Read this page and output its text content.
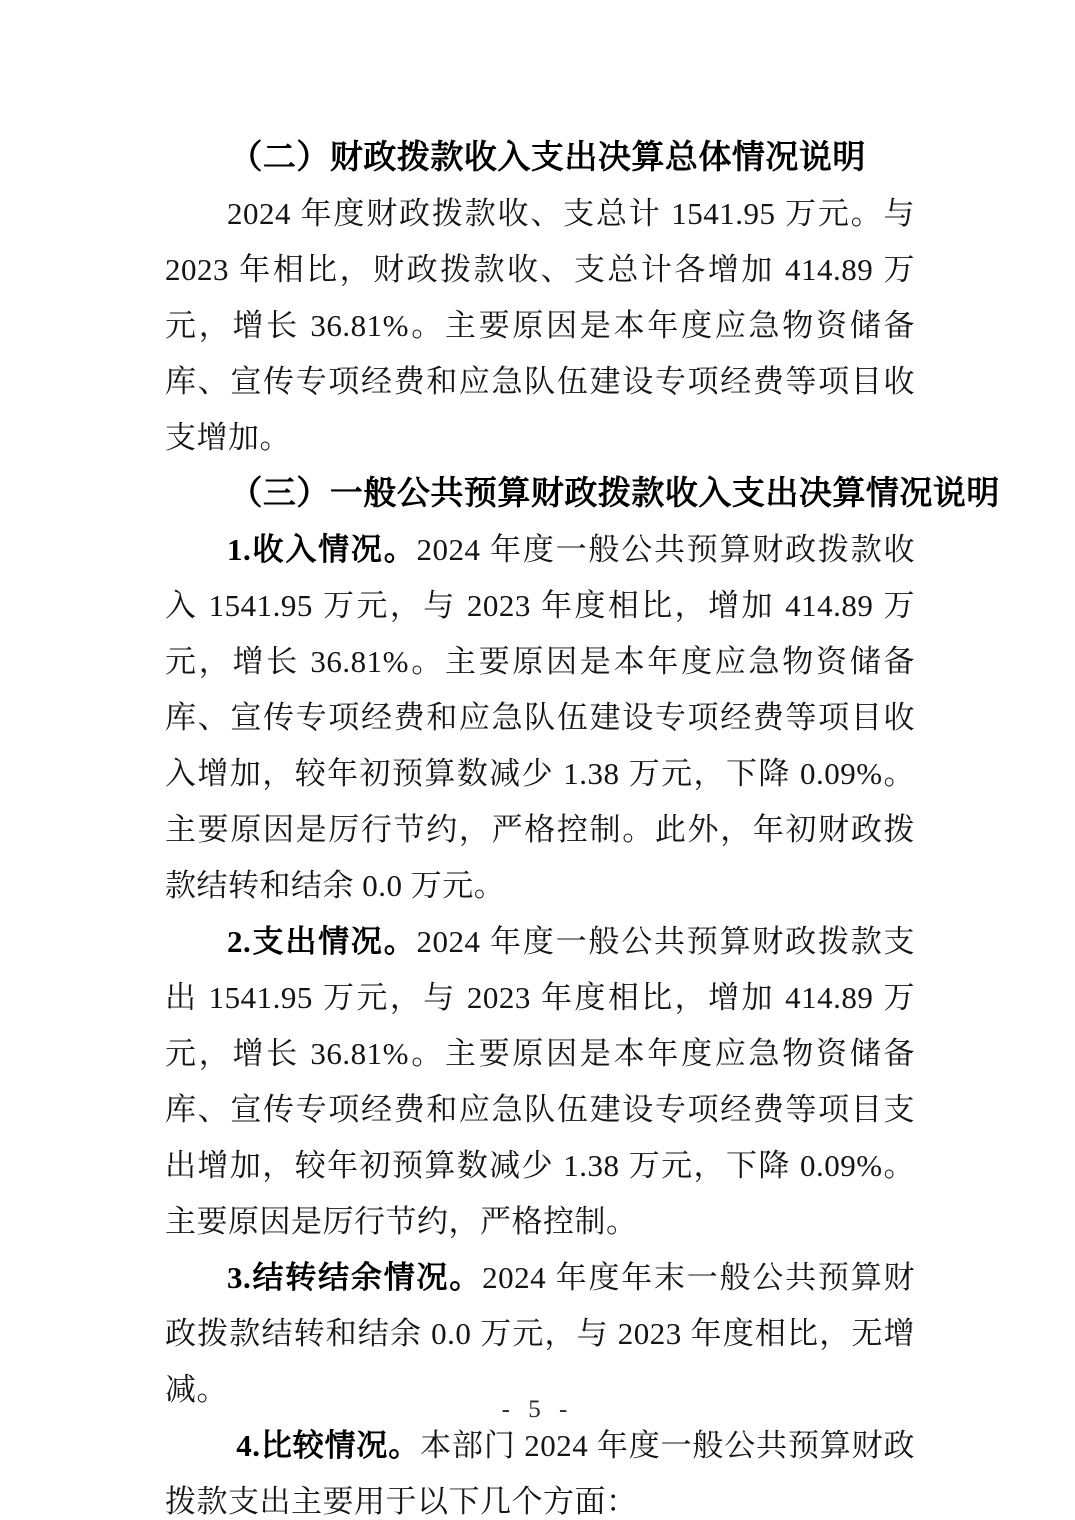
（二）财政拨款收入支出决算总体情况说明

2024 年度财政拨款收、支总计 1541.95 万元。与 2023 年相比，财政拨款收、支总计各增加 414.89 万元，增长 36.81%。主要原因是本年度应急物资储备库、宣传专项经费和应急队伍建设专项经费等项目收支增加。

（三）一般公共预算财政拨款收入支出决算情况说明

1.收入情况。2024 年度一般公共预算财政拨款收入 1541.95 万元，与 2023 年度相比，增加 414.89 万元，增长 36.81%。主要原因是本年度应急物资储备库、宣传专项经费和应急队伍建设专项经费等项目收入增加，较年初预算数减少 1.38 万元，下降 0.09%。主要原因是厉行节约，严格控制。此外，年初财政拨款结转和结余 0.0 万元。

2.支出情况。2024 年度一般公共预算财政拨款支出 1541.95 万元，与 2023 年度相比，增加 414.89 万元，增长 36.81%。主要原因是本年度应急物资储备库、宣传专项经费和应急队伍建设专项经费等项目支出增加，较年初预算数减少 1.38 万元，下降 0.09%。主要原因是厉行节约，严格控制。

3.结转结余情况。2024 年度年末一般公共预算财政拨款结转和结余 0.0 万元，与 2023 年度相比，无增减。

4.比较情况。本部门 2024 年度一般公共预算财政拨款支出主要用于以下几个方面：

- 5 -
